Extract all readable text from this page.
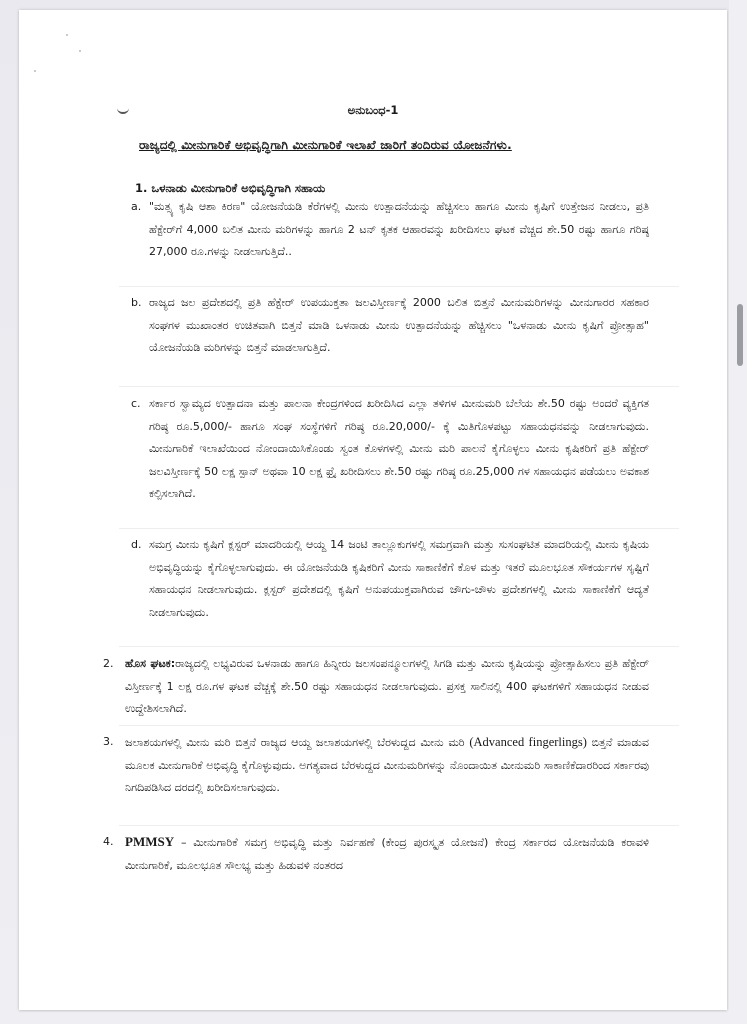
ಅನುಬಂಧ-1
ರಾಜ್ಯದಲ್ಲಿ ಮೀನುಗಾರಿಕೆ ಅಭಿವೃದ್ಧಿಗಾಗಿ ಮೀನುಗಾರಿಕೆ ಇಲಾಖೆ ಜಾರಿಗೆ ತಂದಿರುವ ಯೋಜನೆಗಳು.
1. ಒಳನಾಡು ಮೀನುಗಾರಿಕೆ ಅಭಿವೃದ್ಧಿಗಾಗಿ ಸಹಾಯ
a. "ಮತ್ಸ್ಯ ಕೃಷಿ ಆಶಾ ಕಿರಣ" ಯೋಜನೆಯಡಿ ಕೆರೆಗಳಲ್ಲಿ ಮೀನು ಉತ್ಪಾದನೆಯನ್ನು ಹೆಚ್ಚಿಸಲು ಹಾಗೂ ಮೀನು ಕೃಷಿಗೆ ಉತ್ತೇಜನ ನೀಡಲು, ಪ್ರತಿ ಹೆಕ್ಟೇರ್‌ಗೆ 4,000 ಬಲಿತ ಮೀನು ಮರಿಗಳನ್ನು ಹಾಗೂ 2 ಟನ್ ಕೃತಕ ಆಹಾರವನ್ನು ಖರೀದಿಸಲು ಘಟಕ ವೆಚ್ಚದ ಶೇ.50 ರಷ್ಟು ಹಾಗೂ ಗರಿಷ್ಠ 27,000 ರೂ.ಗಳನ್ನು ನೀಡಲಾಗುತ್ತಿದೆ..
b. ರಾಜ್ಯದ ಜಲ ಪ್ರದೇಶದಲ್ಲಿ ಪ್ರತಿ ಹೆಕ್ಟೇರ್ ಉಪಯುಕ್ತತಾ ಜಲವಿಸ್ತೀರ್ಣಕ್ಕೆ 2000 ಬಲಿತ ಬಿತ್ತನೆ ಮೀನುಮರಿಗಳನ್ನು ಮೀನುಗಾರರ ಸಹಕಾರ ಸಂಘಗಳ ಮುಖಾಂತರ ಉಚಿತವಾಗಿ ಬಿತ್ತನೆ ಮಾಡಿ ಒಳನಾಡು ಮೀನು ಉತ್ಪಾದನೆಯನ್ನು ಹೆಚ್ಚಿಸಲು "ಒಳನಾಡು ಮೀನು ಕೃಷಿಗೆ ಪ್ರೋತ್ಸಾಹ" ಯೋಜನೆಯಡಿ ಮರಿಗಳನ್ನು ಬಿತ್ತನೆ ಮಾಡಲಾಗುತ್ತಿದೆ.
c. ಸರ್ಕಾರ ಸ್ವಾಮ್ಯದ ಉತ್ಪಾದನಾ ಮತ್ತು ಪಾಲನಾ ಕೇಂದ್ರಗಳಿಂದ ಖರೀದಿಸಿದ ಎಲ್ಲಾ ತಳಿಗಳ ಮೀನುಮರಿ ಬೆಲೆಯ ಶೇ.50 ರಷ್ಟು ಅಂದರೆ ವ್ಯಕ್ತಿಗತ ಗರಿಷ್ಠ ರೂ.5,000/- ಹಾಗೂ ಸಂಘ ಸಂಸ್ಥೆಗಳಿಗೆ ಗರಿಷ್ಠ ರೂ.20,000/- ಕ್ಕೆ ಮಿತಿಗೊಳಪಟ್ಟು ಸಹಾಯಧನವನ್ನು ನೀಡಲಾಗುವುದು. ಮೀನುಗಾರಿಕೆ ಇಲಾಖೆಯಿಂದ ನೋಂದಾಯಿಸಿಕೊಂಡು ಸ್ವಂತ ಕೊಳಗಳಲ್ಲಿ ಮೀನು ಮರಿ ಪಾಲನೆ ಕೈಗೊಳ್ಳಲು ಮೀನು ಕೃಷಿಕರಿಗೆ ಪ್ರತಿ ಹೆಕ್ಟೇರ್ ಜಲವಿಸ್ತೀರ್ಣಕ್ಕೆ 50 ಲಕ್ಷ ಸ್ಪಾನ್ ಅಥವಾ 10 ಲಕ್ಷ ಫ್ರೈ ಖರೀದಿಸಲು ಶೇ.50 ರಷ್ಟು ಗರಿಷ್ಠ ರೂ.25,000 ಗಳ ಸಹಾಯಧನ ಪಡೆಯಲು ಅವಕಾಶ ಕಲ್ಪಿಸಲಾಗಿದೆ.
d. ಸಮಗ್ರ ಮೀನು ಕೃಷಿಗೆ ಕ್ಲಸ್ಟರ್ ಮಾದರಿಯಲ್ಲಿ ಆಯ್ದ 14 ಜಂಟಿ ತಾಲ್ಲೂಕುಗಳಲ್ಲಿ ಸಮಗ್ರವಾಗಿ ಮತ್ತು ಸುಸಂಘಟಿತ ಮಾದರಿಯಲ್ಲಿ ಮೀನು ಕೃಷಿಯ ಅಭಿವೃದ್ಧಿಯನ್ನು ಕೈಗೊಳ್ಳಲಾಗುವುದು. ಈ ಯೋಜನೆಯಡಿ ಕೃಷಿಕರಿಗೆ ಮೀನು ಸಾಕಾಣಿಕೆಗೆ ಕೊಳ ಮತ್ತು ಇತರೆ ಮೂಲಭೂತ ಸೌಕರ್ಯಗಳ ಸೃಷ್ಟಿಗೆ ಸಹಾಯಧನ ನೀಡಲಾಗುವುದು. ಕ್ಲಸ್ಟರ್ ಪ್ರದೇಶದಲ್ಲಿ ಕೃಷಿಗೆ ಅನುಪಯುಕ್ತವಾಗಿರುವ ಜೌಗು-ಚೌಳು ಪ್ರದೇಶಗಳಲ್ಲಿ ಮೀನು ಸಾಕಾಣಿಕೆಗೆ ಆದ್ಯತೆ ನೀಡಲಾಗುವುದು.
2. ಹೊಸ ಘಟಕ:ರಾಜ್ಯದಲ್ಲಿ ಲಭ್ಯವಿರುವ ಒಳನಾಡು ಹಾಗೂ ಹಿನ್ನೀರು ಜಲಸಂಪನ್ಮೂಲಗಳಲ್ಲಿ ಸಿಗಡಿ ಮತ್ತು ಮೀನು ಕೃಷಿಯನ್ನು ಪ್ರೋತ್ಸಾಹಿಸಲು ಪ್ರತಿ ಹೆಕ್ಟೇರ್ ವಿಸ್ತೀರ್ಣಕ್ಕೆ 1 ಲಕ್ಷ ರೂ.ಗಳ ಘಟಕ ವೆಚ್ಚಕ್ಕೆ ಶೇ.50 ರಷ್ಟು ಸಹಾಯಧನ ನೀಡಲಾಗುವುದು. ಪ್ರಸಕ್ತ ಸಾಲಿನಲ್ಲಿ 400 ಘಟಕಗಳಿಗೆ ಸಹಾಯಧನ ನೀಡುವ ಉದ್ದೇಶಿಸಲಾಗಿದೆ.
3. ಜಲಾಶಯಗಳಲ್ಲಿ ಮೀನು ಮರಿ ಬಿತ್ತನೆ ರಾಜ್ಯದ ಆಯ್ದ ಜಲಾಶಯಗಳಲ್ಲಿ ಬೆರಳುದ್ದದ ಮೀನು ಮರಿ (Advanced fingerlings) ಬಿತ್ತನೆ ಮಾಡುವ ಮೂಲಕ ಮೀನುಗಾರಿಕೆ ಅಭಿವೃದ್ಧಿ ಕೈಗೊಳ್ಳುವುದು. ಅಗತ್ಯವಾದ ಬೆರಳುದ್ದದ ಮೀನುಮರಿಗಳನ್ನು ನೊಂದಾಯಿತ ಮೀನುಮರಿ ಸಾಕಾಣಿಕೆದಾರರಿಂದ ಸರ್ಕಾರವು ನಿಗದಿಪಡಿಸಿದ ದರದಲ್ಲಿ ಖರೀದಿಸಲಾಗುವುದು.
4. PMMSY – ಮೀನುಗಾರಿಕೆ ಸಮಗ್ರ ಅಭಿವೃದ್ಧಿ ಮತ್ತು ನಿರ್ವಹಣೆ (ಕೇಂದ್ರ ಪುರಸ್ಕೃತ ಯೋಜನೆ) ಕೇಂದ್ರ ಸರ್ಕಾರದ ಯೋಜನೆಯಡಿ ಕರಾವಳಿ ಮೀನುಗಾರಿಕೆ, ಮೂಲಭೂತ ಸೌಲಭ್ಯ ಮತ್ತು ಹಿಡುವಳಿ ನಂತರದ
